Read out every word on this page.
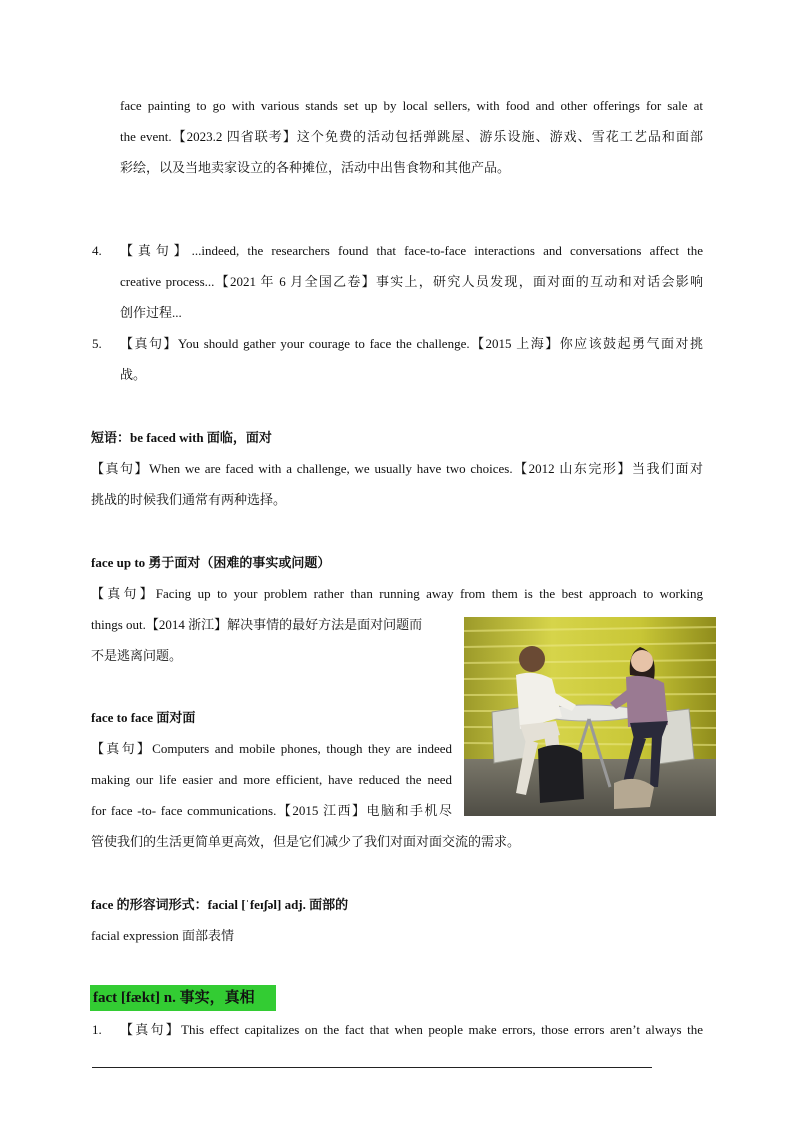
face painting to go with various stands set up by local sellers, with food and other offerings for sale at
the event.【2023.2 四省联考】这个免费的活动包括弹跳屋、游乐设施、游戏、雪花工艺品和面部
彩绘，以及当地卖家设立的各种摊位，活动中出售食物和其他产品。
4. 【真句】...indeed, the researchers found that face-to-face interactions and conversations affect the
creative process...【2021 年 6 月全国乙卷】事实上，研究人员发现，面对面的互动和对话会影响
创作过程...
5. 【真句】You should gather your courage to face the challenge.【2015 上海】你应该鼓起勇气面对挑
战。
短语：be faced with 面临，面对
【真句】When we are faced with a challenge, we usually have two choices.【2012 山东完形】当我们面对
挑战的时候我们通常有两种选择。
face up to 勇于面对（困难的事实或问题）
【真句】Facing up to your problem rather than running away from them is the best approach to working
things out.【2014 浙江】解决事情的最好方法是面对问题而
不是逃离问题。
face to face 面对面
【真句】Computers and mobile phones, though they are indeed
making our life easier and more efficient, have reduced the need
for face -to- face communications.【2015 江西】电脑和手机尽
管使我们的生活更简单更高效，但是它们减少了我们对面对面交流的需求。
face 的形容词形式：facial [ˈfeɪʃəl] adj. 面部的
facial expression 面部表情
fact [fækt] n. 事实，真相
1. 【真句】This effect capitalizes on the fact that when people make errors, those errors aren’t always the
